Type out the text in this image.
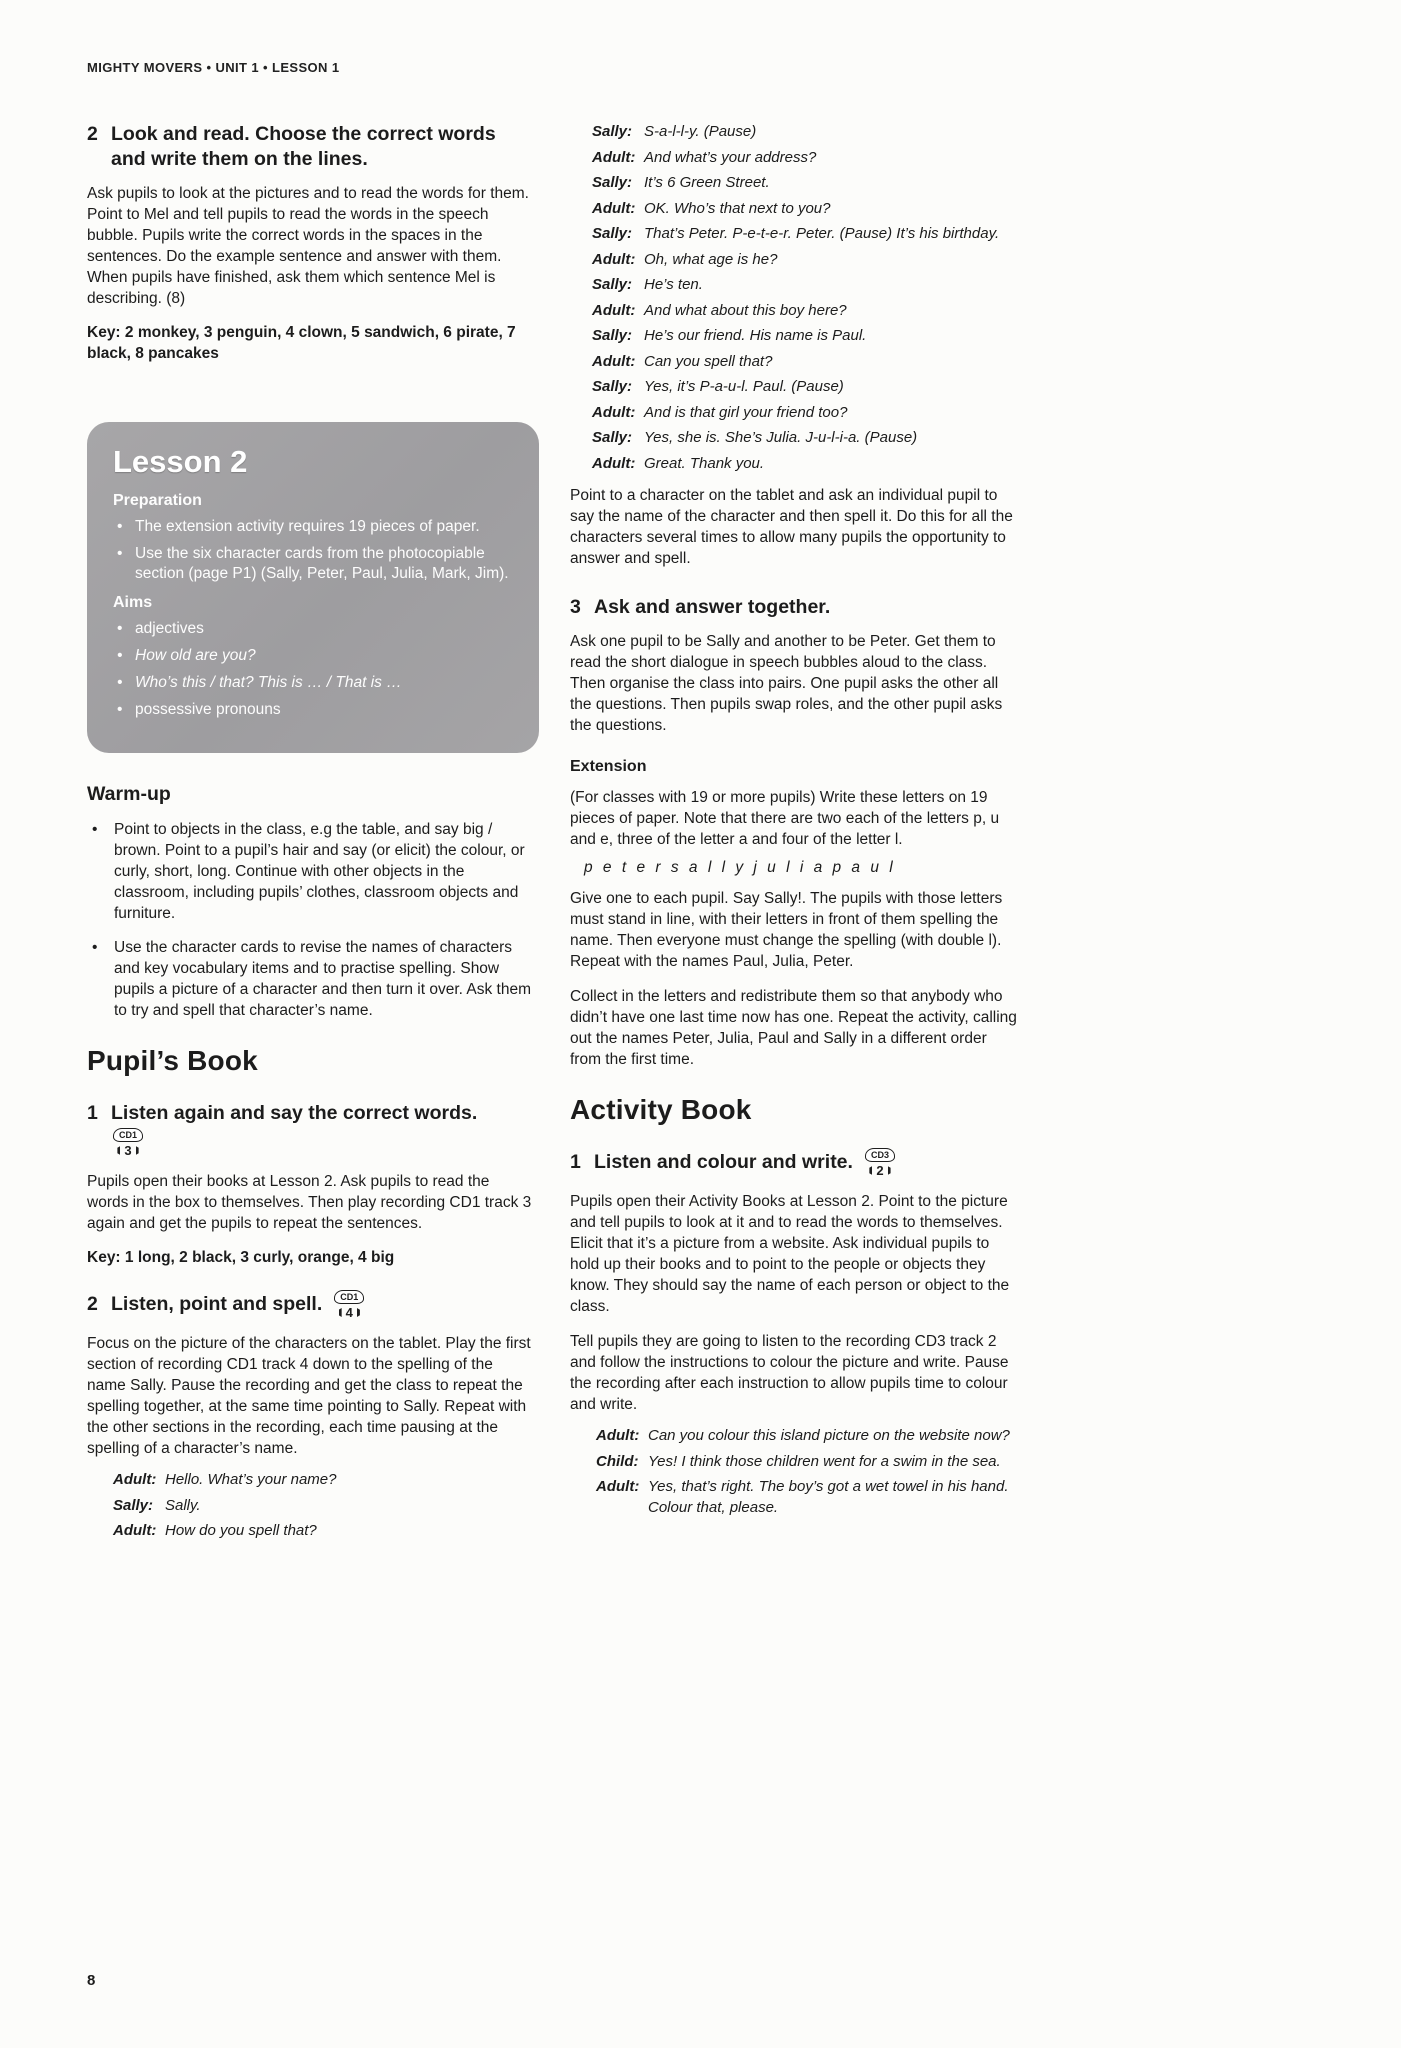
MIGHTY MOVERS • UNIT 1 • LESSON 1
2 Look and read. Choose the correct words and write them on the lines.
Ask pupils to look at the pictures and to read the words for them. Point to Mel and tell pupils to read the words in the speech bubble. Pupils write the correct words in the spaces in the sentences. Do the example sentence and answer with them. When pupils have finished, ask them which sentence Mel is describing. (8)
Key: 2 monkey, 3 penguin, 4 clown, 5 sandwich, 6 pirate, 7 black, 8 pancakes
Lesson 2
Preparation
• The extension activity requires 19 pieces of paper.
• Use the six character cards from the photocopiable section (page P1) (Sally, Peter, Paul, Julia, Mark, Jim).
Aims
• adjectives
• How old are you?
• Who’s this / that? This is … / That is …
• possessive pronouns
Warm-up
•	Point to objects in the class, e.g the table, and say big / brown. Point to a pupil’s hair and say (or elicit) the colour, or curly, short, long. Continue with other objects in the classroom, including pupils’ clothes, classroom objects and furniture.
•	Use the character cards to revise the names of characters and key vocabulary items and to practise spelling. Show pupils a picture of a character and then turn it over. Ask them to try and spell that character’s name.
Pupil’s Book
1 Listen again and say the correct words.
CD1
3
Pupils open their books at Lesson 2. Ask pupils to read the words in the box to themselves. Then play recording CD1 track 3 again and get the pupils to repeat the sentences.
Key: 1 long, 2 black, 3 curly, orange, 4 big
2 Listen, point and spell.	CD1
4
Focus on the picture of the characters on the tablet. Play the first section of recording CD1 track 4 down to the spelling of the name Sally. Pause the recording and get the class to repeat the spelling together, at the same time pointing to Sally. Repeat with the other sections in the recording, each time pausing at the spelling of a character’s name.
Adult: Hello. What’s your name?
Sally: Sally.
Adult: How do you spell that?
Sally: S-a-l-l-y. (Pause)
Adult: And what’s your address?
Sally: It’s 6 Green Street.
Adult: OK. Who’s that next to you?
Sally: That’s Peter. P-e-t-e-r. Peter. (Pause) It’s his birthday.
Adult: Oh, what age is he?
Sally: He’s ten.
Adult: And what about this boy here?
Sally: He’s our friend. His name is Paul.
Adult: Can you spell that?
Sally: Yes, it’s P-a-u-l. Paul. (Pause)
Adult: And is that girl your friend too?
Sally: Yes, she is. She’s Julia. J-u-l-i-a. (Pause)
Adult: Great. Thank you.
Point to a character on the tablet and ask an individual pupil to say the name of the character and then spell it. Do this for all the characters several times to allow many pupils the opportunity to answer and spell.
3 Ask and answer together.
Ask one pupil to be Sally and another to be Peter. Get them to read the short dialogue in speech bubbles aloud to the class. Then organise the class into pairs. One pupil asks the other all the questions. Then pupils swap roles, and the other pupil asks the questions.
Extension
(For classes with 19 or more pupils) Write these letters on 19 pieces of paper. Note that there are two each of the letters p, u and e, three of the letter a and four of the letter l.
p e t e r s a l l y j u l i a p a u l
Give one to each pupil. Say Sally!. The pupils with those letters must stand in line, with their letters in front of them spelling the name. Then everyone must change the spelling (with double l). Repeat with the names Paul, Julia, Peter.
Collect in the letters and redistribute them so that anybody who didn’t have one last time now has one. Repeat the activity, calling out the names Peter, Julia, Paul and Sally in a different order from the first time.
Activity Book
1 Listen and colour and write.	CD3
2
Pupils open their Activity Books at Lesson 2. Point to the picture and tell pupils to look at it and to read the words to themselves. Elicit that it’s a picture from a website. Ask individual pupils to hold up their books and to point to the people or objects they know. They should say the name of each person or object to the class.
Tell pupils they are going to listen to the recording CD3 track 2 and follow the instructions to colour the picture and write. Pause the recording after each instruction to allow pupils time to colour and write.
Adult: Can you colour this island picture on the website now?
Child: Yes! I think those children went for a swim in the sea.
Adult: Yes, that’s right. The boy’s got a wet towel in his hand. Colour that, please.
8
